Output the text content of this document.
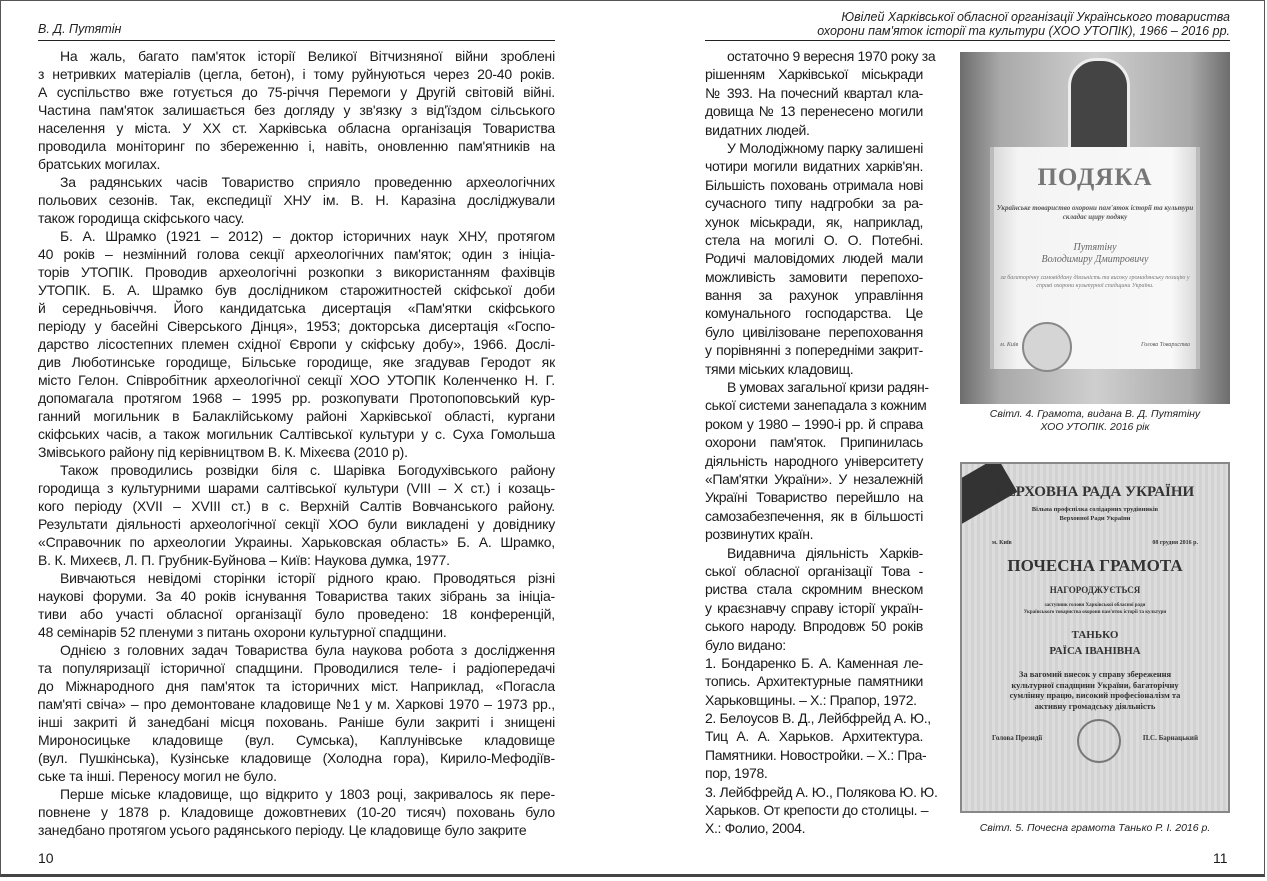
В. Д. Путятін
Ювілей Харківської обласної організації Українського товариства
охорони пам'яток історії та культури (ХОО УТОПІК), 1966 – 2016 рр.
На жаль, багато пам'яток історії Великої Вітчизняної війни зроблені
з нетривких матеріалів (цегла, бетон), і тому руйнуються через 20-40 років.
А суспільство вже готується до 75-річчя Перемоги у Другій світовій війні.
Частина пам'яток залишається без догляду у зв'язку з від'їздом сільського
населення у міста. У XX ст. Харківська обласна організація Товариства
проводила моніторинг по збереженню і, навіть, оновленню пам'ятників на
братських могилах.
За радянських часів Товариство сприяло проведенню археологічних
польових сезонів. Так, експедиції ХНУ ім. В. Н. Каразіна досліджували
також городища скіфського часу.
Б. А. Шрамко (1921 – 2012) – доктор історичних наук ХНУ, протягом
40 років – незмінний голова секції археологічних пам'яток; один з ініціа-
торів УТОПІК. Проводив археологічні розкопки з використанням фахівців
УТОПІК. Б. А. Шрамко був дослідником старожитностей скіфської доби
й середньовіччя. Його кандидатська дисертація «Пам'ятки скіфського
періоду у басейні Сіверського Дінця», 1953; докторська дисертація «Госпо-
дарство лісостепних племен східної Європи у скіфську добу», 1966. Дослі-
див Люботинське городище, Більське городище, яке згадував Геродот як
місто Гелон. Співробітник археологічної секції ХОО УТОПІК Коленченко Н. Г.
допомагала протягом 1968 – 1995 рр. розкопувати Протопоповський кур-
ганний могильник в Балаклійському районі Харківської області, кургани
скіфських часів, а також могильник Салтівської культури у с. Суха Гомольша
Змівського району під керівництвом В. К. Міхеєва (2010 р).
Також проводились розвідки біля с. Шарівка Богодухівського району
городища з культурними шарами салтівської культури (VIII – X ст.) і козаць-
кого періоду (XVII – XVIII ст.) в с. Верхній Салтів Вовчанського району.
Результати діяльності археологічної секції ХОО були викладені у довіднику
«Справочник по археологии Украины. Харьковская область» Б. А. Шрамко,
В. К. Михеєв, Л. П. Грубник-Буйнова – Київ: Наукова думка, 1977.
Вивчаються невідомі сторінки історії рідного краю. Проводяться різні
наукові форуми. За 40 років існування Товариства таких зібрань за ініціа-
тиви або участі обласної організації було проведено: 18 конференцій,
48 семінарів 52 пленуми з питань охорони культурної спадщини.
Однією з головних задач Товариства була наукова робота з дослідження
та популяризації історичної спадщини. Проводилися теле- і радіопередачі
до Міжнародного дня пам'яток та історичних міст. Наприклад, «Погасла
пам'яті свіча» – про демонтоване кладовище №1 у м. Харкові 1970 – 1973 рр.,
інші закриті й занедбані місця поховань. Раніше були закриті і знищені
Мироносицьке кладовище (вул. Сумська), Каплунівське кладовище
(вул. Пушкінська), Кузінське кладовище (Холодна гора), Кирило-Мефодіїв-
ське та інші. Переносу могил не було.
Перше міське кладовище, що відкрито у 1803 році, закривалось як пере-
повнене у 1878 р. Кладовище дожовтневих (10-20 тисяч) поховань було
занедбано протягом усього радянського періоду. Це кладовище було закрите
остаточно 9 вересня 1970 року за
рішенням Харківської міськради
№ 393. На почесний квартал кла-
довища № 13 перенесено могили
видатних людей.
У Молодіжному парку залишені
чотири могили видатних харків'ян.
Більшість поховань отримала нові
сучасного типу надгробки за ра-
хунок міськради, як, наприклад,
стела на могилі О. О. Потебні.
Родичі маловідомих людей мали
можливість замовити перепохо-
вання за рахунок управління
комунального господарства. Це
було цивілізоване перепоховання
у порівнянні з попередніми закрит-
тями міських кладовищ.
В умовах загальної кризи радян-
ської системи занепадала з кожним
роком у 1980 – 1990-і рр. й справа
охорони пам'яток. Припинилась
діяльність народного університету
«Пам'ятки України». У незалежній
Україні Товариство перейшло на
самозабезпечення, як в більшості
розвинутих країн.
Видавнича діяльність Харків-
ської обласної організації Това -
риства стала скромним внеском
у краєзнавчу справу історії україн-
ського народу. Впродовж 50 років
було видано:
1. Бондаренко Б. А. Каменная ле-
топись. Архитектурные памятники
Харьковщины. – Х.: Прапор, 1972.
2. Белоусов В. Д., Лейбфрейд А. Ю.,
Тиц А. А. Харьков. Архитектура.
Памятники. Новостройки. – Х.: Пра-
пор, 1978.
3. Лейбфрейд А. Ю., Полякова Ю. Ю.
Харьков. От крепости до столицы. –
Х.: Фолио, 2004.
ПОДЯКА
Українське товариство охорони пам'яток історії та культури складає щиру подяку
Путятіну
Володимиру Дмитровичу
за багаторічну самовіддану діяльність та високу громадянську позицію у справі охорони культурної спадщини України.
м. Київ	Голова Товариства
Світл. 4. Грамота, видана В. Д. Путятіну
ХОО УТОПІК. 2016 рік
ВЕРХОВНА РАДА УКРАЇНИ
Вільна профспілка солідарних трудівників
Верховної Ради України
м. Київ	08 грудня 2016 р.
ПОЧЕСНА ГРАМОТА
НАГОРОДЖУЄТЬСЯ
заступник голови Харківської обласної ради
Українського товариства охорони пам'яток історії та культури
ТАНЬКО
РАЇСА ІВАНІВНА
За вагомий внесок у справу збереження культурної спадщини України, багаторічну сумлінну працю, високий професіоналізм та активну громадську діяльність
Голова Президії	П.С. Барнацький
Світл. 5. Почесна грамота Танько Р. І. 2016 р.
10	11
